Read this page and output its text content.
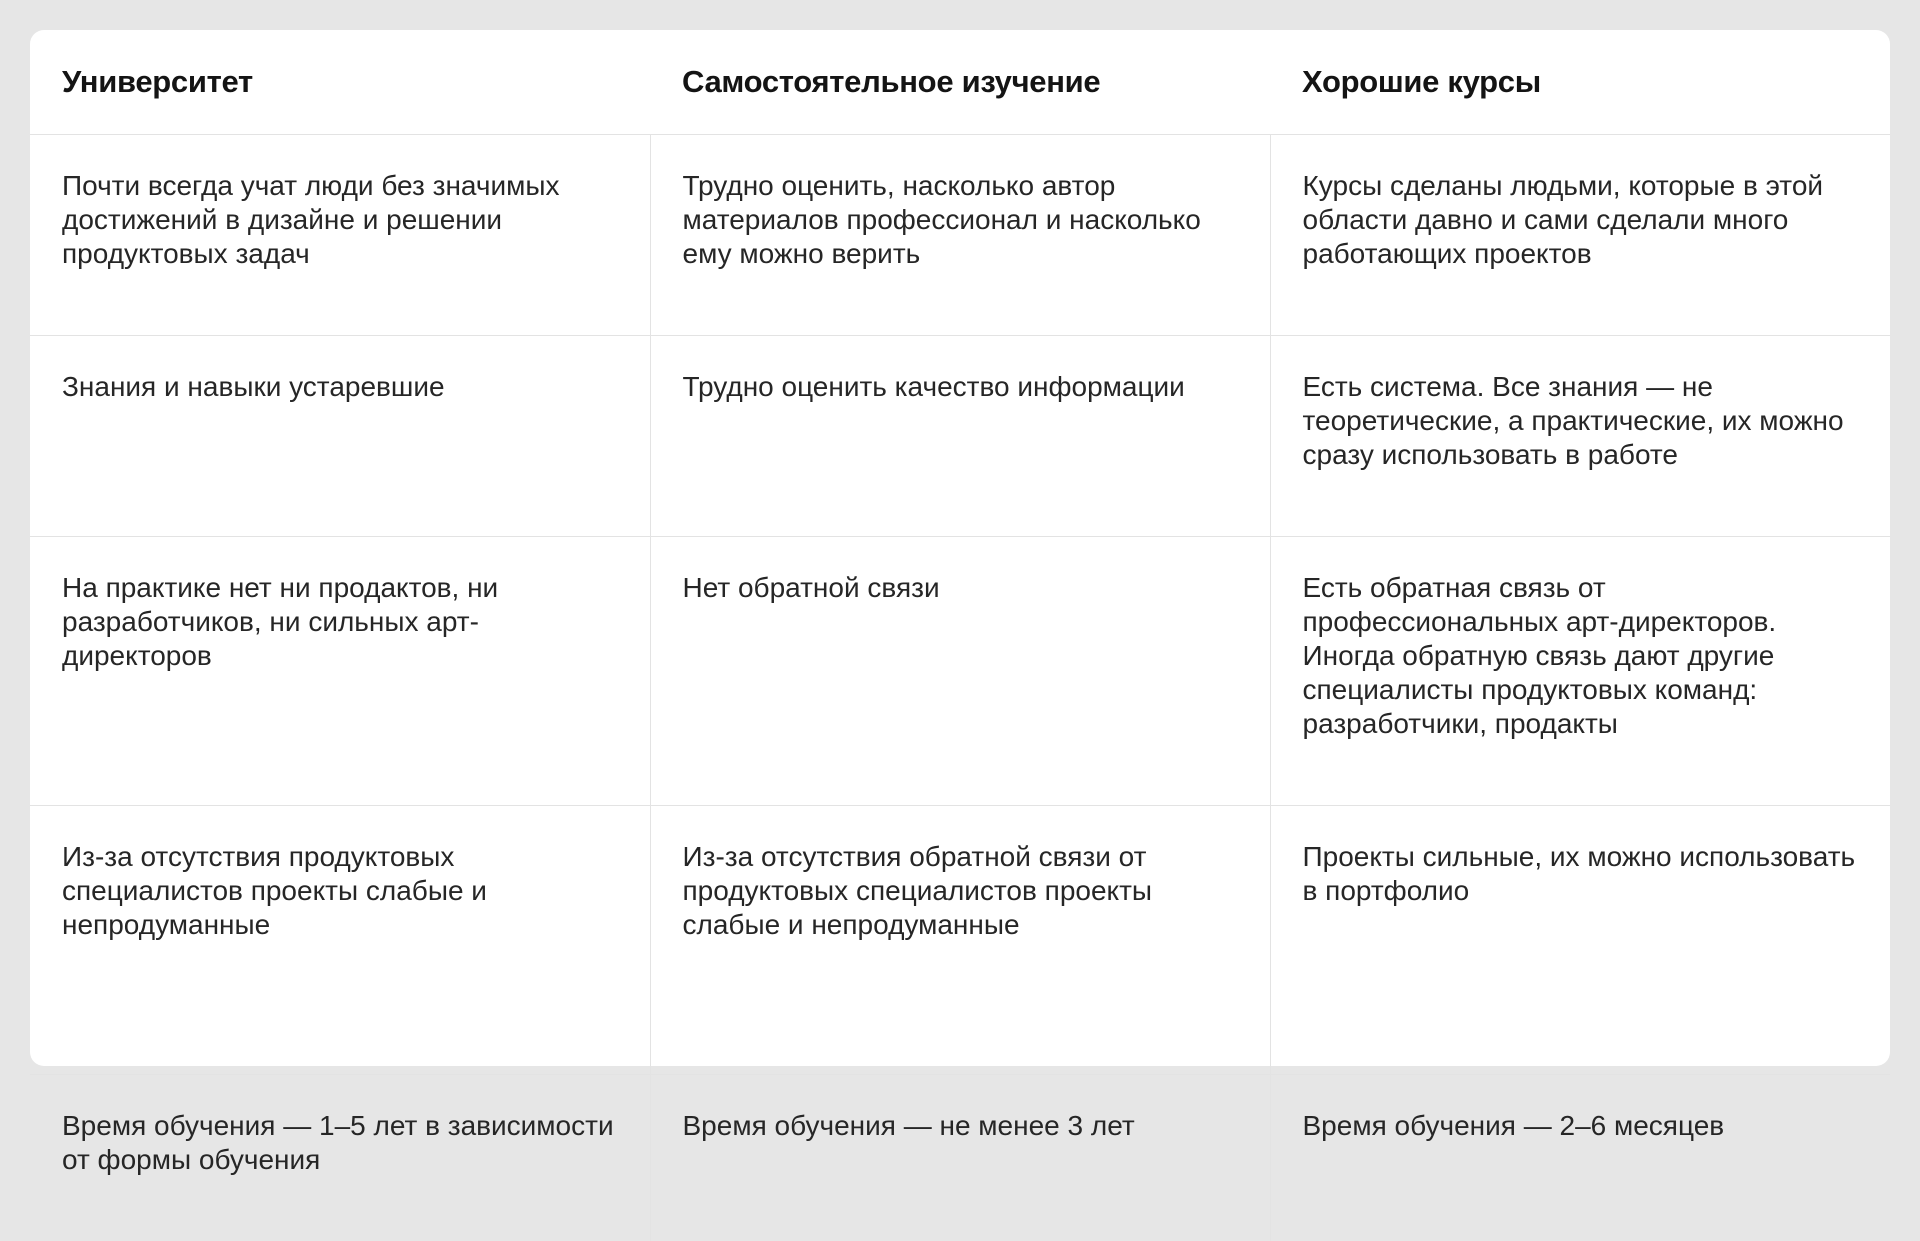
Университет	Самостоятельное изучение	Хорошие курсы
Почти всегда учат люди без значимых достижений в дизайне и решении продуктовых задач	Трудно оценить, насколько автор материалов профессионал и насколько ему можно верить	Курсы сделаны людьми, которые в этой области давно и сами сделали много работающих проектов
Знания и навыки устаревшие	Трудно оценить качество информации	Есть система. Все знания — не теоретические, а практические, их можно сразу использовать в работе
На практике нет ни продактов, ни разработчиков, ни сильных арт-директоров	Нет обратной связи	Есть обратная связь от профессиональных арт-директоров. Иногда обратную связь дают другие специалисты продуктовых команд: разработчики, продакты
Из-за отсутствия продуктовых специалистов проекты слабые и непродуманные	Из-за отсутствия обратной связи от продуктовых специалистов проекты слабые и непродуманные	Проекты сильные, их можно использовать в портфолио
Время обучения — 1–5 лет в зависимости от формы обучения	Время обучения — не менее 3 лет	Время обучения — 2–6 месяцев
